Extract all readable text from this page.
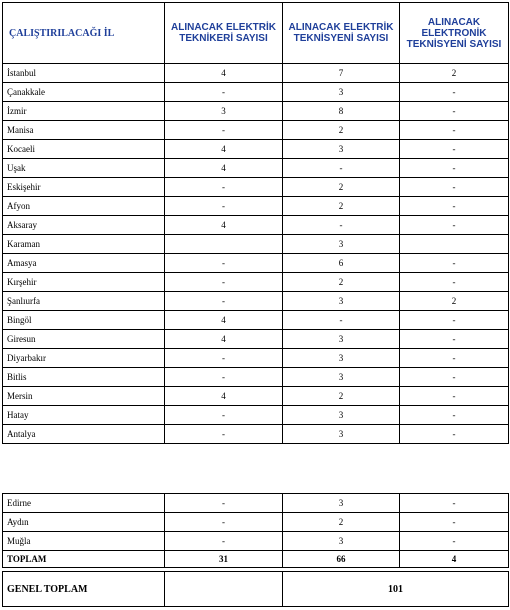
ÇALIŞTIRILACAĞI İL	ALINACAK ELEKTRİK TEKNİKERİ SAYISI	ALINACAK ELEKTRİK TEKNİSYENİ SAYISI	ALINACAK ELEKTRONİK TEKNİSYENİ SAYISI
İstanbul	4	7	2
Çanakkale	-	3	-
İzmir	3	8	-
Manisa	-	2	-
Kocaeli	4	3	-
Uşak	4	-	-
Eskişehir	-	2	-
Afyon	-	2	-
Aksaray	4	-	-
Karaman		3	
Amasya	-	6	-
Kırşehir	-	2	-
Şanlıurfa	-	3	2
Bingöl	4	-	-
Giresun	4	3	-
Diyarbakır	-	3	-
Bitlis	-	3	-
Mersin	4	2	-
Hatay	-	3	-
Antalya	-	3	-
Edirne	-	3	-
Aydın	-	2	-
Muğla	-	3	-
TOPLAM	31	66	4
GENEL TOPLAM		101
